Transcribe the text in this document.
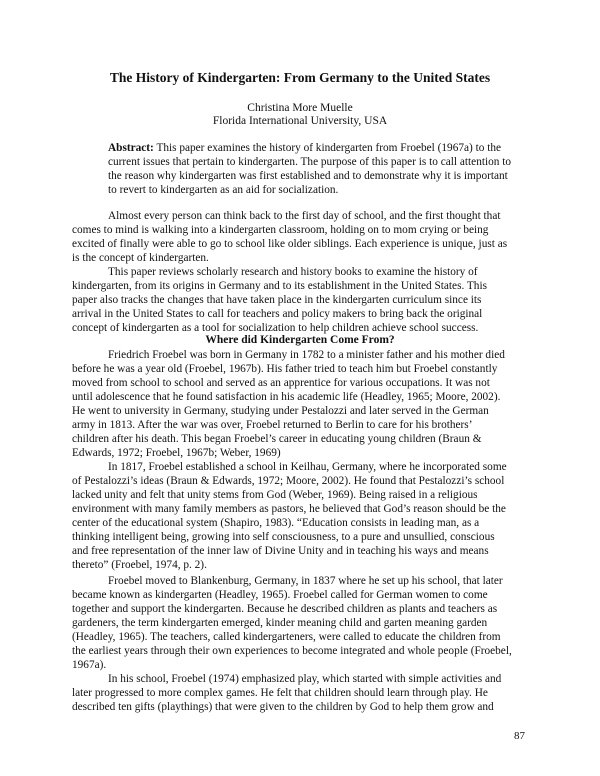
The History of Kindergarten: From Germany to the United States
Christina More Muelle
Florida International University, USA

Abstract: This paper examines the history of kindergarten from Froebel (1967a) to the

current issues that pertain to kindergarten. The purpose of this paper is to call attention to

the reason why kindergarten was first established and to demonstrate why it is important

to revert to kindergarten as an aid for socialization.

Almost every person can think back to the first day of school, and the first thought that

comes to mind is walking into a kindergarten classroom, holding on to mom crying or being

excited of finally were able to go to school like older siblings. Each experience is unique, just as

is the concept of kindergarten.

This paper reviews scholarly research and history books to examine the history of

kindergarten, from its origins in Germany and to its establishment in the United States. This

paper also tracks the changes that have taken place in the kindergarten curriculum since its

arrival in the United States to call for teachers and policy makers to bring back the original

concept of kindergarten as a tool for socialization to help children achieve school success.

Where did Kindergarten Come From?

Friedrich Froebel was born in Germany in 1782 to a minister father and his mother died

before he was a year old (Froebel, 1967b). His father tried to teach him but Froebel constantly

moved from school to school and served as an apprentice for various occupations. It was not

until adolescence that he found satisfaction in his academic life (Headley, 1965; Moore, 2002).

He went to university in Germany, studying under Pestalozzi and later served in the German

army in 1813. After the war was over, Froebel returned to Berlin to care for his brothers’

children after his death. This began Froebel’s career in educating young children (Braun &

Edwards, 1972; Froebel, 1967b; Weber, 1969)

In 1817, Froebel established a school in Keilhau, Germany, where he incorporated some

of Pestalozzi’s ideas (Braun & Edwards, 1972; Moore, 2002). He found that Pestalozzi’s school

lacked unity and felt that unity stems from God (Weber, 1969). Being raised in a religious

environment with many family members as pastors, he believed that God’s reason should be the

center of the educational system (Shapiro, 1983). “Education consists in leading man, as a

thinking intelligent being, growing into self consciousness, to a pure and unsullied, conscious

and free representation of the inner law of Divine Unity and in teaching his ways and means

thereto” (Froebel, 1974, p. 2).

Froebel moved to Blankenburg, Germany, in 1837 where he set up his school, that later

became known as kindergarten (Headley, 1965). Froebel called for German women to come

together and support the kindergarten. Because he described children as plants and teachers as

gardeners, the term kindergarten emerged, kinder meaning child and garten meaning garden

(Headley, 1965). The teachers, called kindergarteners, were called to educate the children from

the earliest years through their own experiences to become integrated and whole people (Froebel,

1967a).

In his school, Froebel (1974) emphasized play, which started with simple activities and

later progressed to more complex games. He felt that children should learn through play. He

described ten gifts (playthings) that were given to the children by God to help them grow and

87
